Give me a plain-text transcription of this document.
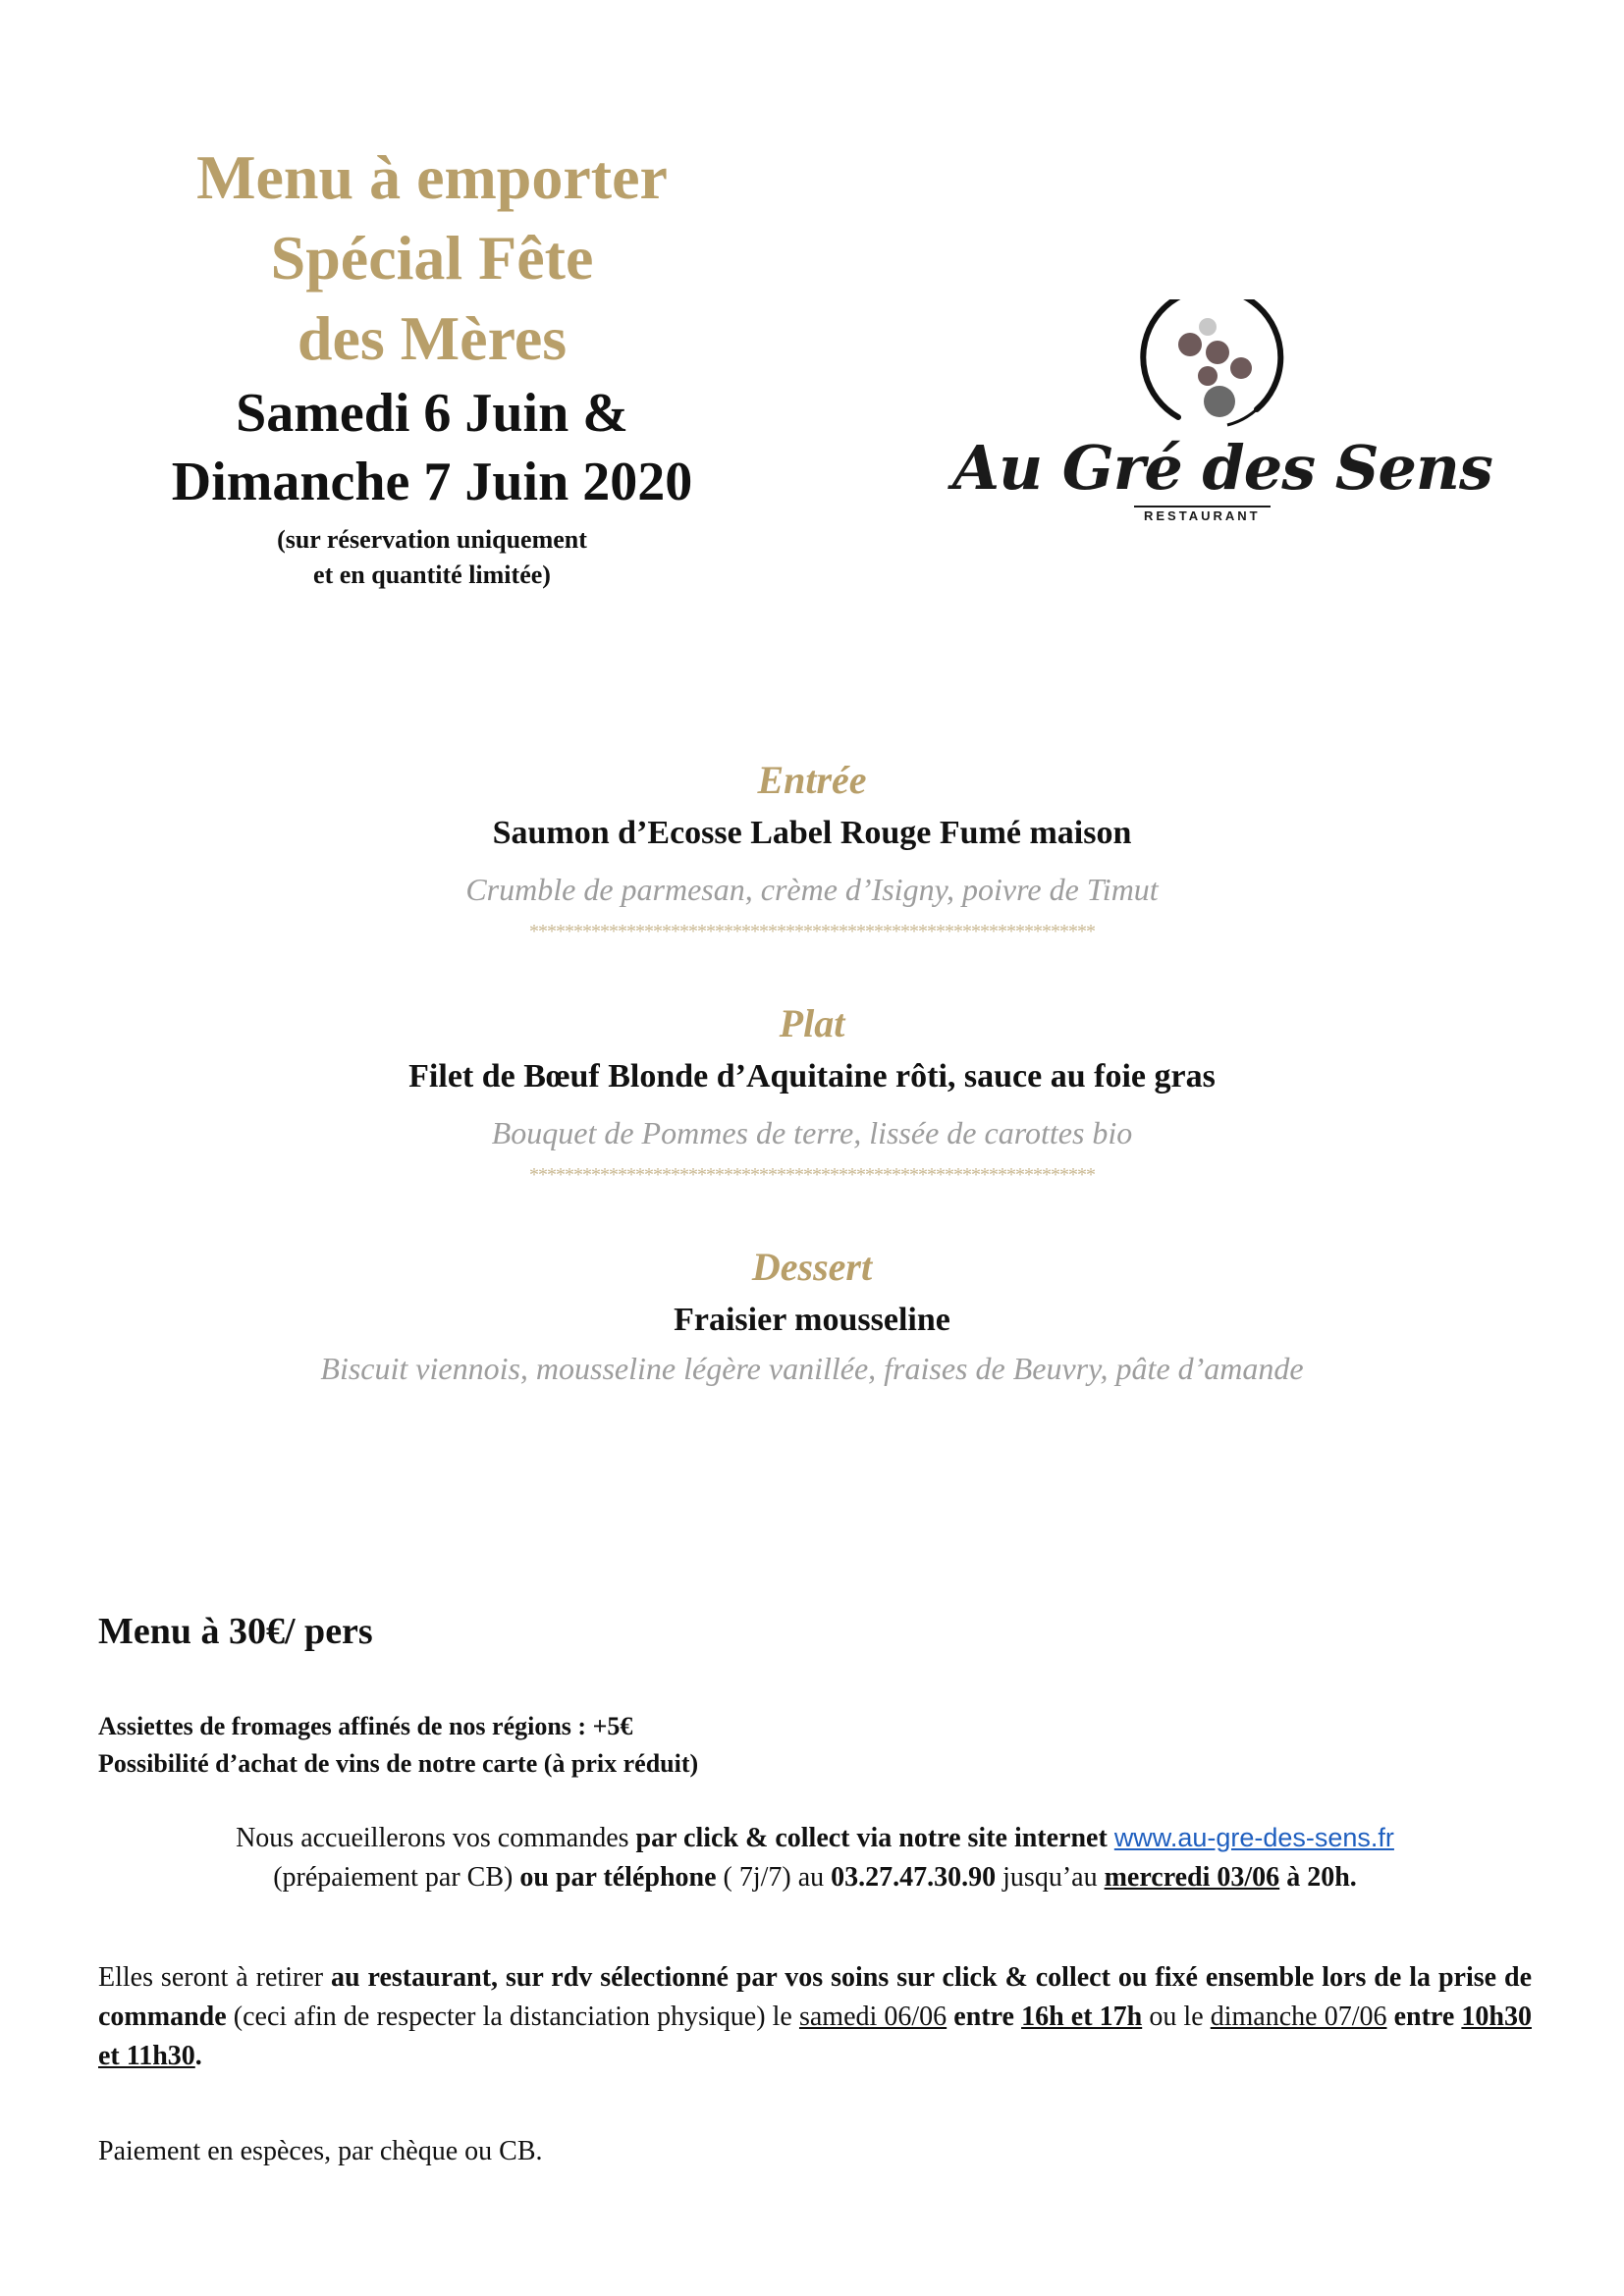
Menu à emporter
Spécial Fête
des Mères
Samedi 6 Juin &
Dimanche 7 Juin 2020
(sur réservation uniquement
et en quantité limitée)
Au Gré des Sens
RESTAURANT
Entrée
Saumon d’Ecosse Label Rouge Fumé maison
Crumble de parmesan, crème d’Isigny, poivre de Timut
****************************************************************
Plat
Filet de Bœuf Blonde d’Aquitaine rôti, sauce au foie gras
Bouquet de Pommes de terre, lissée de carottes bio
****************************************************************
Dessert
Fraisier mousseline
Biscuit viennois, mousseline légère vanillée, fraises de Beuvry, pâte d’amande
Menu à 30€/ pers
Assiettes de fromages affinés de nos régions : +5€
Possibilité d’achat de vins de notre carte (à prix réduit)
Nous accueillerons vos commandes par click & collect via notre site internet www.au-gre-des-sens.fr
(prépaiement par CB) ou par téléphone ( 7j/7) au 03.27.47.30.90 jusqu’au mercredi 03/06 à 20h.
Elles seront à retirer au restaurant, sur rdv sélectionné par vos soins sur click & collect ou fixé ensemble lors de la prise de commande (ceci afin de respecter la distanciation physique) le samedi 06/06 entre 16h et 17h ou le dimanche 07/06 entre 10h30 et 11h30.
Paiement en espèces, par chèque ou CB.
